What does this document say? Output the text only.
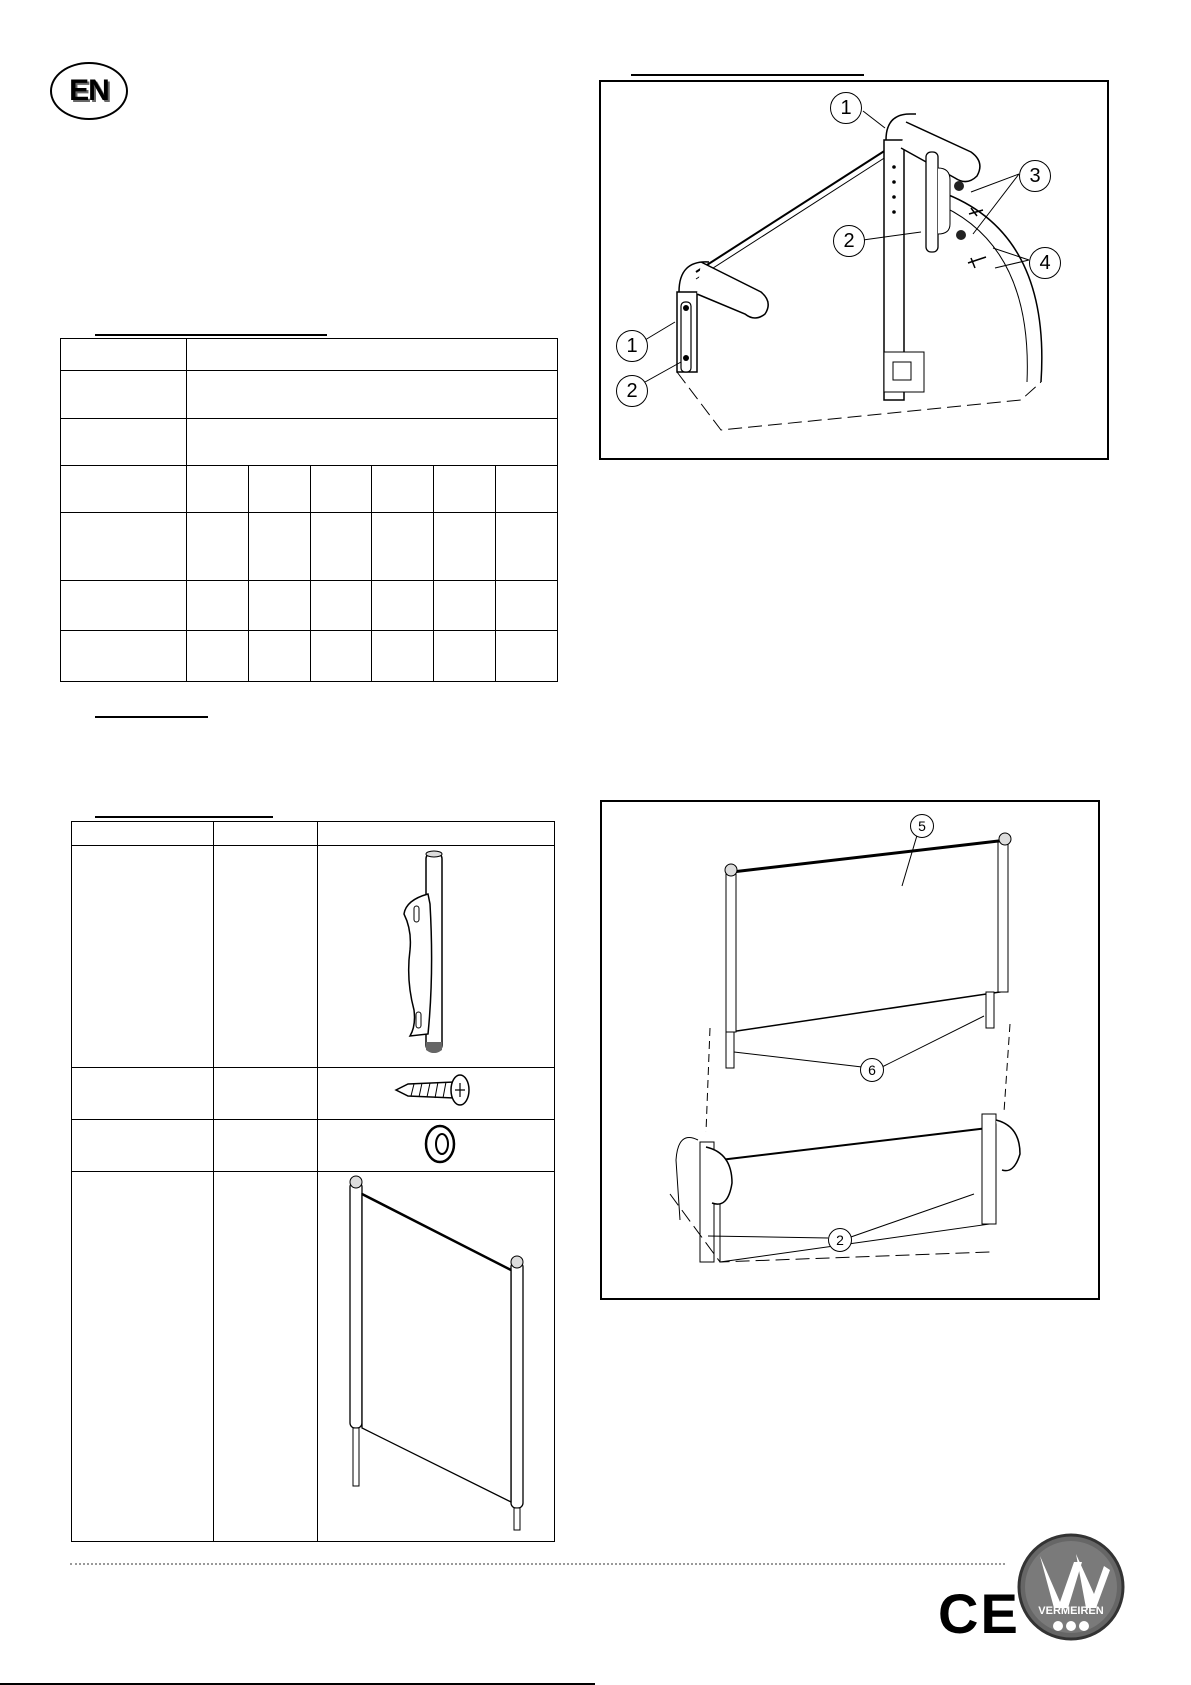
EN

1
2
3
4
1
2
5
6
2
CE VERMEIREN
